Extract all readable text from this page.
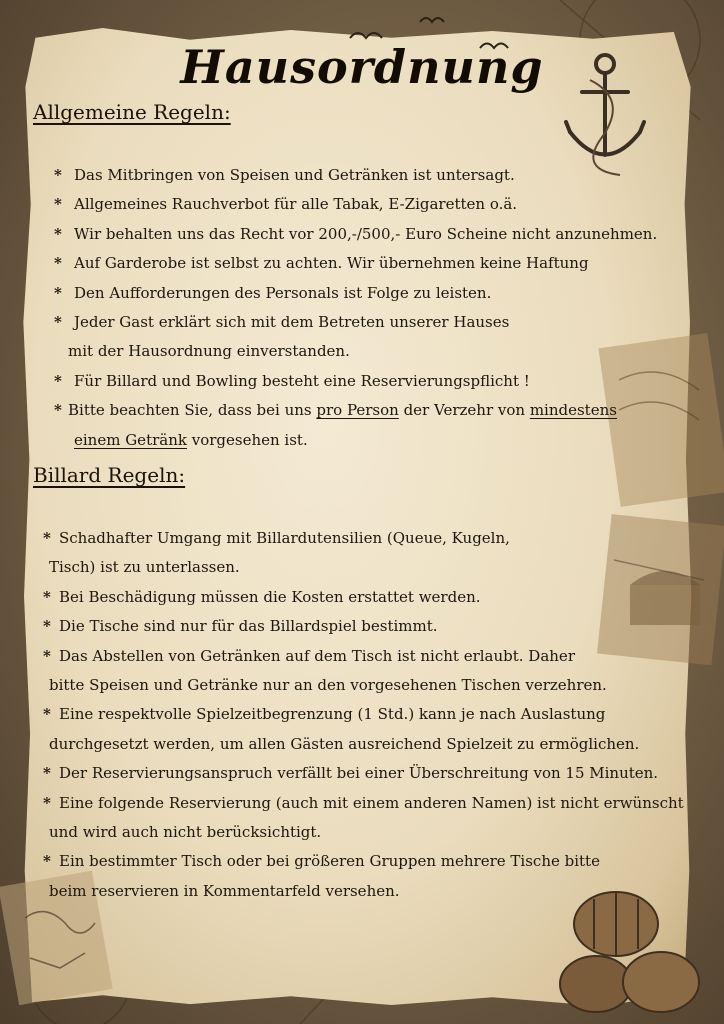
Hausordnung
Allgemeine Regeln:
* Das Mitbringen von Speisen und Getränken ist untersagt.
* Allgemeines Rauchverbot für alle Tabak, E-Zigaretten o.ä.
* Wir behalten uns das Recht vor 200,-/500,- Euro Scheine nicht anzunehmen.
* Auf Garderobe ist selbst zu achten. Wir übernehmen keine Haftung
* Den Aufforderungen des Personals ist Folge zu leisten.
* Jeder Gast erklärt sich mit dem Betreten unserer Hauses
mit der Hausordnung einverstanden.
* Für Billard und Bowling besteht eine Reservierungspflicht !
* Bitte beachten Sie, dass bei uns pro Person der Verzehr von mindestens
einem Getränk vorgesehen ist.
Billard Regeln:
* Schadhafter Umgang mit Billardutensilien (Queue, Kugeln,
Tisch) ist zu unterlassen.
* Bei Beschädigung müssen die Kosten erstattet werden.
* Die Tische sind nur für das Billardspiel bestimmt.
* Das Abstellen von Getränken auf dem Tisch ist nicht erlaubt. Daher
bitte Speisen und Getränke nur an den vorgesehenen Tischen verzehren.
* Eine respektvolle Spielzeitbegrenzung (1 Std.) kann je nach Auslastung
durchgesetzt werden, um allen Gästen ausreichend Spielzeit zu ermöglichen.
* Der Reservierungsanspruch verfällt bei einer Überschreitung von 15 Minuten.
* Eine folgende Reservierung (auch mit einem anderen Namen) ist nicht erwünscht
und wird auch nicht berücksichtigt.
* Ein bestimmter Tisch oder bei größeren Gruppen mehrere Tische bitte
beim reservieren in Kommentarfeld versehen.
